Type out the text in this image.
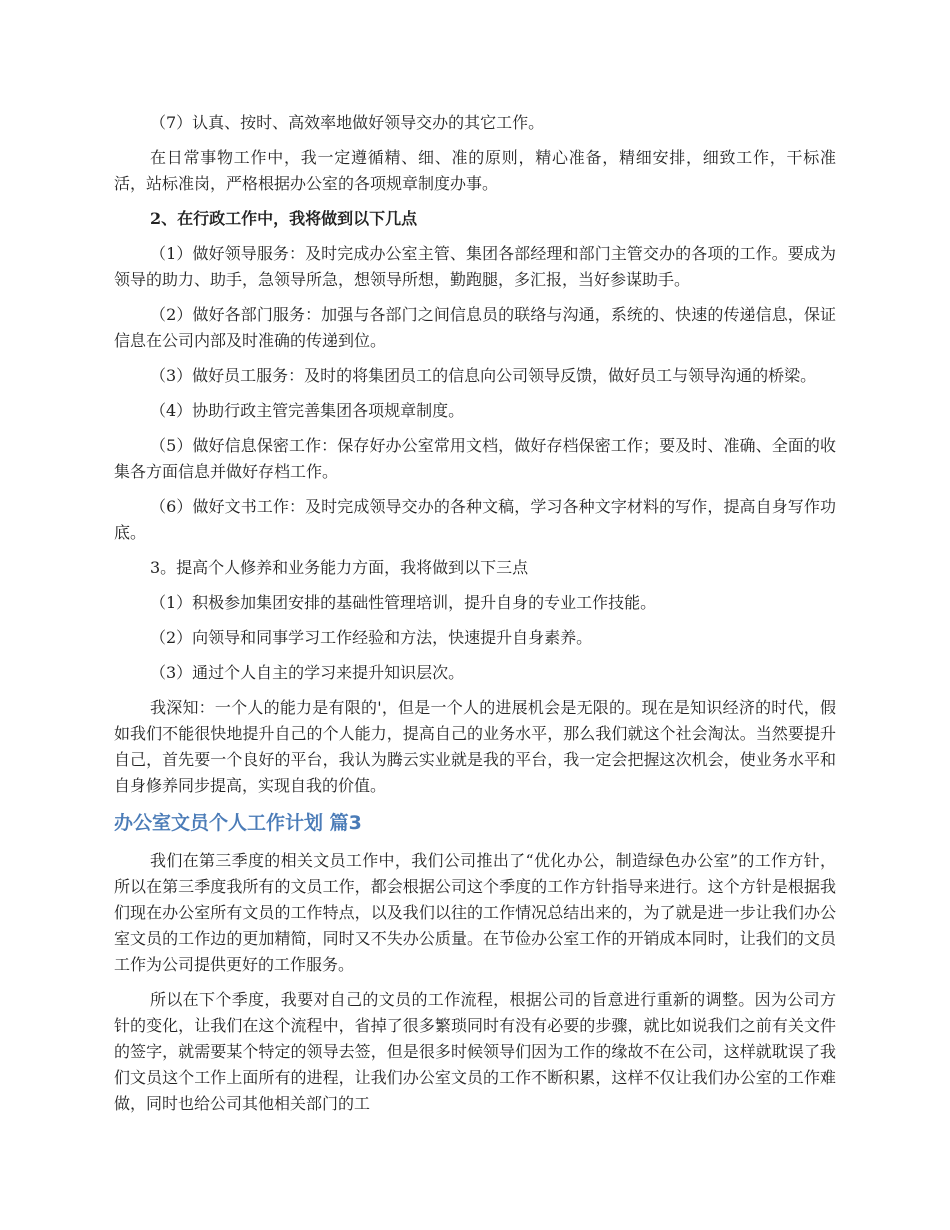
（7）认真、按时、高效率地做好领导交办的其它工作。

在日常事物工作中，我一定遵循精、细、准的原则，精心准备，精细安排，细致工作，干标准活，站标准岗，严格根据办公室的各项规章制度办事。

2、在行政工作中，我将做到以下几点

（1）做好领导服务：及时完成办公室主管、集团各部经理和部门主管交办的各项的工作。要成为领导的助力、助手，急领导所急，想领导所想，勤跑腿，多汇报，当好参谋助手。

（2）做好各部门服务：加强与各部门之间信息员的联络与沟通，系统的、快速的传递信息，保证信息在公司内部及时准确的传递到位。

（3）做好员工服务：及时的将集团员工的信息向公司领导反馈，做好员工与领导沟通的桥梁。

（4）协助行政主管完善集团各项规章制度。

（5）做好信息保密工作：保存好办公室常用文档，做好存档保密工作；要及时、准确、全面的收集各方面信息并做好存档工作。

（6）做好文书工作：及时完成领导交办的各种文稿，学习各种文字材料的写作，提高自身写作功底。

3。提高个人修养和业务能力方面，我将做到以下三点

（1）积极参加集团安排的基础性管理培训，提升自身的专业工作技能。

（2）向领导和同事学习工作经验和方法，快速提升自身素养。

（3）通过个人自主的学习来提升知识层次。

我深知：一个人的能力是有限的'，但是一个人的进展机会是无限的。现在是知识经济的时代，假如我们不能很快地提升自己的个人能力，提高自己的业务水平，那么我们就这个社会淘汰。当然要提升自己，首先要一个良好的平台，我认为腾云实业就是我的平台，我一定会把握这次机会，使业务水平和自身修养同步提高，实现自我的价值。

办公室文员个人工作计划 篇3

我们在第三季度的相关文员工作中，我们公司推出了“优化办公，制造绿色办公室”的工作方针，所以在第三季度我所有的文员工作，都会根据公司这个季度的工作方针指导来进行。这个方针是根据我们现在办公室所有文员的工作特点，以及我们以往的工作情况总结出来的，为了就是进一步让我们办公室文员的工作边的更加精简，同时又不失办公质量。在节俭办公室工作的开销成本同时，让我们的文员工作为公司提供更好的工作服务。

所以在下个季度，我要对自己的文员的工作流程，根据公司的旨意进行重新的调整。因为公司方针的变化，让我们在这个流程中，省掉了很多繁琐同时有没有必要的步骤，就比如说我们之前有关文件的签字，就需要某个特定的领导去签，但是很多时候领导们因为工作的缘故不在公司，这样就耽误了我们文员这个工作上面所有的进程，让我们办公室文员的工作不断积累，这样不仅让我们办公室的工作难做，同时也给公司其他相关部门的工
